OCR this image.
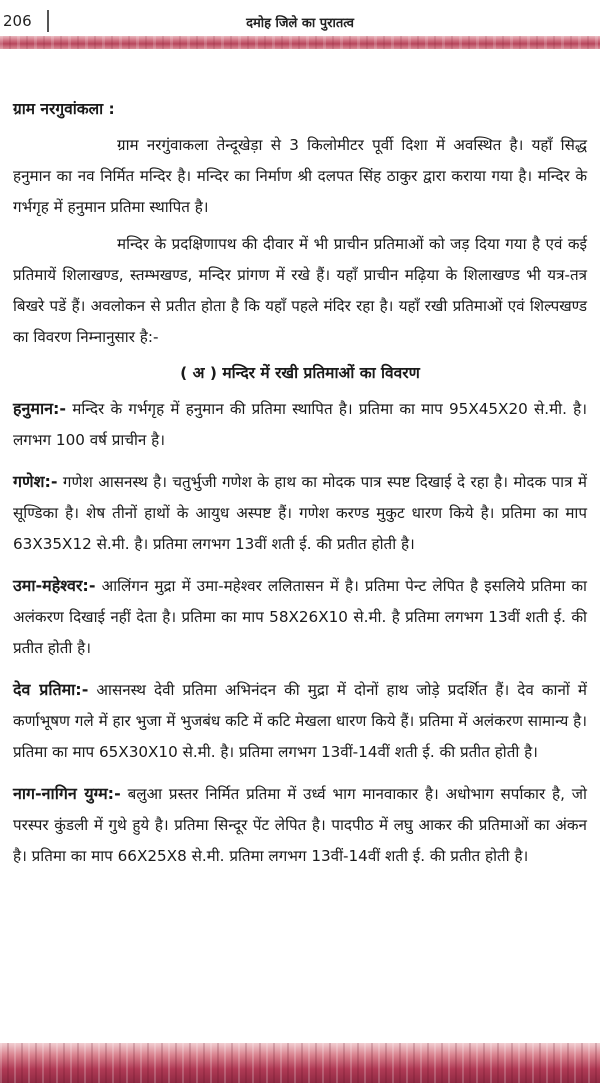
206	दमोह जिले का पुरातत्व
ग्राम नरगुवांकला :

ग्राम नरगुंवाकला तेन्दूखेड़ा से 3 किलोमीटर पूर्वी दिशा में अवस्थित है। यहाँ सिद्ध हनुमान का नव निर्मित मन्दिर है। मन्दिर का निर्माण श्री दलपत सिंह ठाकुर द्वारा कराया गया है। मन्दिर के गर्भगृह में हनुमान प्रतिमा स्थापित है।

मन्दिर के प्रदक्षिणापथ की दीवार में भी प्राचीन प्रतिमाओं को जड़ दिया गया है एवं कई प्रतिमायें शिलाखण्ड, स्तम्भखण्ड, मन्दिर प्रांगण में रखे हैं। यहाँ प्राचीन मढ़िया के शिलाखण्ड भी यत्र-तत्र बिखरे पडें हैं। अवलोकन से प्रतीत होता है कि यहाँ पहले मंदिर रहा है। यहाँ रखी प्रतिमाओं एवं शिल्पखण्ड का विवरण निम्नानुसार है:-

( अ ) मन्दिर में रखी प्रतिमाओं का विवरण

हनुमान:- मन्दिर के गर्भगृह में हनुमान की प्रतिमा स्थापित है। प्रतिमा का माप 95X45X20 से.मी. है। लगभग 100 वर्ष प्राचीन है।

गणेश:- गणेश आसनस्थ है। चतुर्भुजी गणेश के हाथ का मोदक पात्र स्पष्ट दिखाई दे रहा है। मोदक पात्र में सूण्डिका है। शेष तीनों हाथों के आयुध अस्पष्ट हैं। गणेश करण्ड मुकुट धारण किये है। प्रतिमा का माप 63X35X12 से.मी. है। प्रतिमा लगभग 13वीं शती ई. की प्रतीत होती है।

उमा-महेश्वर:- आलिंगन मुद्रा में उमा-महेश्वर ललितासन में है। प्रतिमा पेन्ट लेपित है इसलिये प्रतिमा का अलंकरण दिखाई नहीं देता है। प्रतिमा का माप 58X26X10 से.मी. है प्रतिमा लगभग 13वीं शती ई. की प्रतीत होती है।

देव प्रतिमा:- आसनस्थ देवी प्रतिमा अभिनंदन की मुद्रा में दोनों हाथ जोड़े प्रदर्शित हैं। देव कानों में कर्णाभूषण गले में हार भुजा में भुजबंध कटि में कटि मेखला धारण किये हैं। प्रतिमा में अलंकरण सामान्य है। प्रतिमा का माप 65X30X10 से.मी. है। प्रतिमा लगभग 13वीं-14वीं शती ई. की प्रतीत होती है।

नाग-नागिन युग्म:- बलुआ प्रस्तर निर्मित प्रतिमा में उर्ध्व भाग मानवाकार है। अधोभाग सर्पाकार है, जो परस्पर कुंडली में गुथे हुये है। प्रतिमा सिन्दूर पेंट लेपित है। पादपीठ में लघु आकर की प्रतिमाओं का अंकन है। प्रतिमा का माप 66X25X8 से.मी. प्रतिमा लगभग 13वीं-14वीं शती ई. की प्रतीत होती है।
